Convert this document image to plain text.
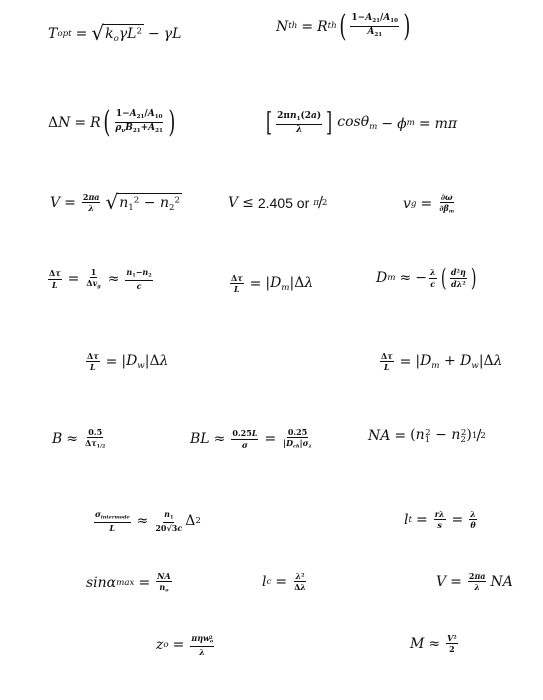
T opt = √ $k_o\gamma L^2 - \gamma L$	N th = R th ( $\frac{1-A_{21}/A_{10}}{A_{21}}$ )
Δ N = R ( $\frac{1-A_{21}/A_{10}}{\rho_\nu B_{21}+A_{21}}$ )	[ $\frac{2\pi n_1(2a)}{\lambda}$ ] cosθ$_m$ − ϕ m = mπ
$V = \frac{2\pi a}{\lambda}$ √ $n_1^2 - n_2^2$	V ≤ 2.405 or π / 2	v $g = \frac{\partial\omega}{\partial\beta_m}$
$\frac{\Delta\tau}{L} = \frac{1}{\Delta v_g} \approx \frac{n_1-n_2}{c}$	$\frac{\Delta\tau}{L} = |D_m|\Delta\lambda$	D m ≈ − $\frac{\lambda}{c}$ ( $\frac{d^2\eta}{d\lambda^2}$ )
$\frac{\Delta\tau}{L} = |D_w|\Delta\lambda$	$\frac{\Delta\tau}{L} = |D_m + D_w|\Delta\lambda$
$B \approx \frac{0.5}{\Delta\tau_{1/2}}$	BL ≈ $\frac{0.25L}{\sigma} = \frac{0.25}{|D_{ch}|\sigma_\lambda}$	NA = $(n_1^2 - n_2^2)$ 1 / 2
$\frac{\sigma_{intermode}}{L} \approx \frac{n_1}{20√3c}$ Δ 2	l $t = \frac{r\lambda}{s} = \frac{\lambda}{\theta}$
sinα $\max = \frac{NA}{n_o}$	l $c = \frac{\lambda^2}{\Delta\lambda}$	$V = \frac{2\pi a}{\lambda}$ NA
z $o = \frac{\pi\eta w_o^2}{\lambda}$	$M \approx \frac{V^2}{2}$
